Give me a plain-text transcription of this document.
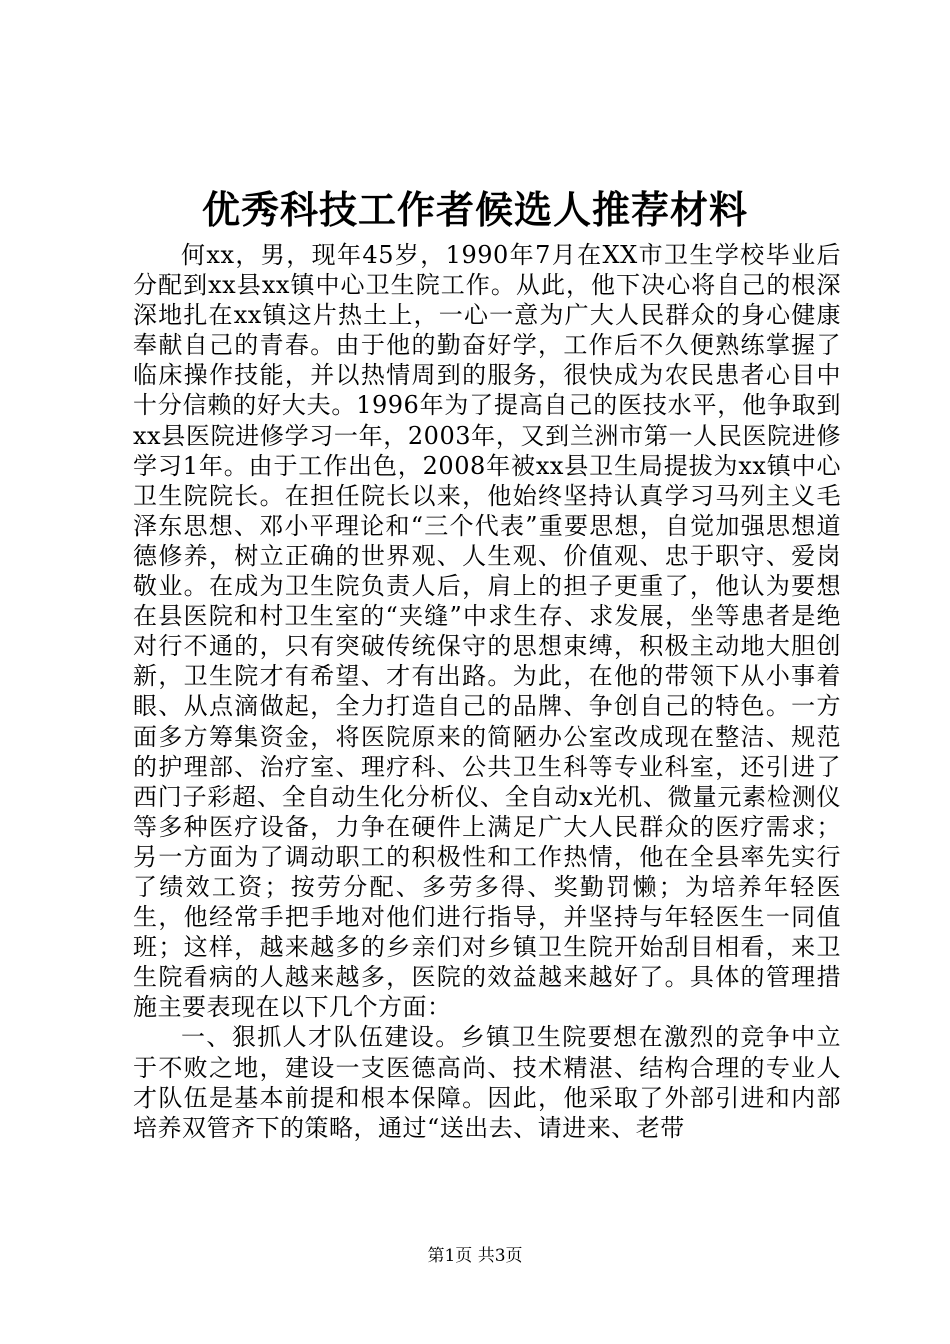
优秀科技工作者候选人推荐材料

何xx，男，现年45岁，1990年7月在XX市卫生学校毕业后分配到xx县xx镇中心卫生院工作。从此，他下决心将自己的根深深地扎在xx镇这片热土上，一心一意为广大人民群众的身心健康奉献自己的青春。由于他的勤奋好学，工作后不久便熟练掌握了临床操作技能，并以热情周到的服务，很快成为农民患者心目中十分信赖的好大夫。1996年为了提高自己的医技水平，他争取到xx县医院进修学习一年，2003年，又到兰洲市第一人民医院进修学习1年。由于工作出色，2008年被xx县卫生局提拔为xx镇中心卫生院院长。在担任院长以来，他始终坚持认真学习马列主义毛泽东思想、邓小平理论和“三个代表”重要思想，自觉加强思想道德修养，树立正确的世界观、人生观、价值观、忠于职守、爱岗敬业。在成为卫生院负责人后，肩上的担子更重了，他认为要想在县医院和村卫生室的“夹缝”中求生存、求发展，坐等患者是绝对行不通的，只有突破传统保守的思想束缚，积极主动地大胆创新，卫生院才有希望、才有出路。为此，在他的带领下从小事着眼、从点滴做起，全力打造自己的品牌、争创自己的特色。一方面多方筹集资金，将医院原来的简陋办公室改成现在整洁、规范的护理部、治疗室、理疗科、公共卫生科等专业科室，还引进了西门子彩超、全自动生化分析仪、全自动x光机、微量元素检测仪等多种医疗设备，力争在硬件上满足广大人民群众的医疗需求；另一方面为了调动职工的积极性和工作热情，他在全县率先实行了绩效工资；按劳分配、多劳多得、奖勤罚懒；为培养年轻医生，他经常手把手地对他们进行指导，并坚持与年轻医生一同值班；这样，越来越多的乡亲们对乡镇卫生院开始刮目相看，来卫生院看病的人越来越多，医院的效益越来越好了。具体的管理措施主要表现在以下几个方面：

一、狠抓人才队伍建设。乡镇卫生院要想在激烈的竞争中立于不败之地，建设一支医德高尚、技术精湛、结构合理的专业人才队伍是基本前提和根本保障。因此，他采取了外部引进和内部培养双管齐下的策略，通过“送出去、请进来、老带

第1页 共3页
